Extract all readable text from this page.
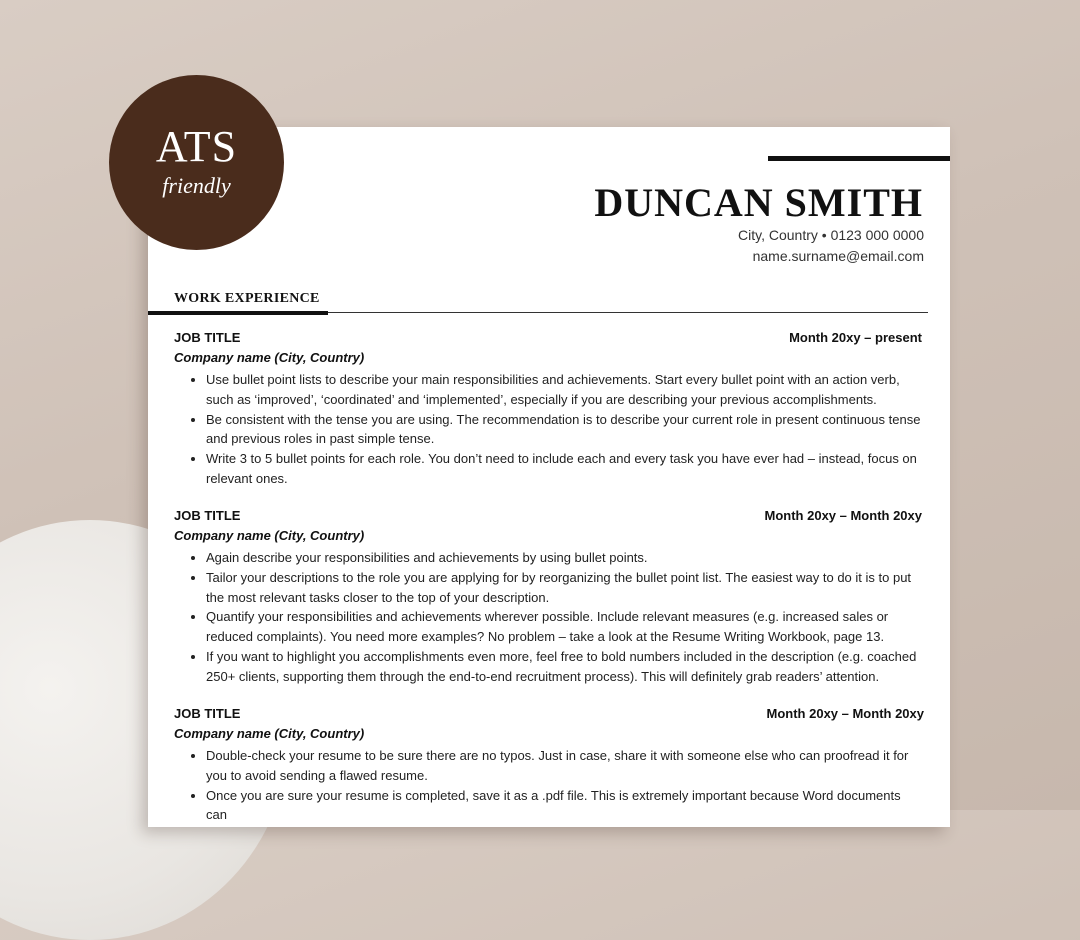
DUNCAN SMITH
City, Country • 0123 000 0000
name.surname@email.com
WORK EXPERIENCE
JOB TITLE	Month 20xy – present
Company name (City, Country)
• Use bullet point lists to describe your main responsibilities and achievements. Start every bullet point with an action verb, such as ‘improved’, ‘coordinated’ and ‘implemented’, especially if you are describing your previous accomplishments.
• Be consistent with the tense you are using. The recommendation is to describe your current role in present continuous tense and previous roles in past simple tense.
• Write 3 to 5 bullet points for each role. You don’t need to include each and every task you have ever had – instead, focus on relevant ones.
JOB TITLE	Month 20xy – Month 20xy
Company name (City, Country)
• Again describe your responsibilities and achievements by using bullet points.
• Tailor your descriptions to the role you are applying for by reorganizing the bullet point list. The easiest way to do it is to put the most relevant tasks closer to the top of your description.
• Quantify your responsibilities and achievements wherever possible. Include relevant measures (e.g. increased sales or reduced complaints). You need more examples? No problem – take a look at the Resume Writing Workbook, page 13.
• If you want to highlight you accomplishments even more, feel free to bold numbers included in the description (e.g. coached 250+ clients, supporting them through the end-to-end recruitment process). This will definitely grab readers’ attention.
JOB TITLE	Month 20xy – Month 20xy
Company name (City, Country)
• Double-check your resume to be sure there are no typos. Just in case, share it with someone else who can proofread it for you to avoid sending a flawed resume.
• Once you are sure your resume is completed, save it as a .pdf file. This is extremely important because Word documents can
ATS
friendly
